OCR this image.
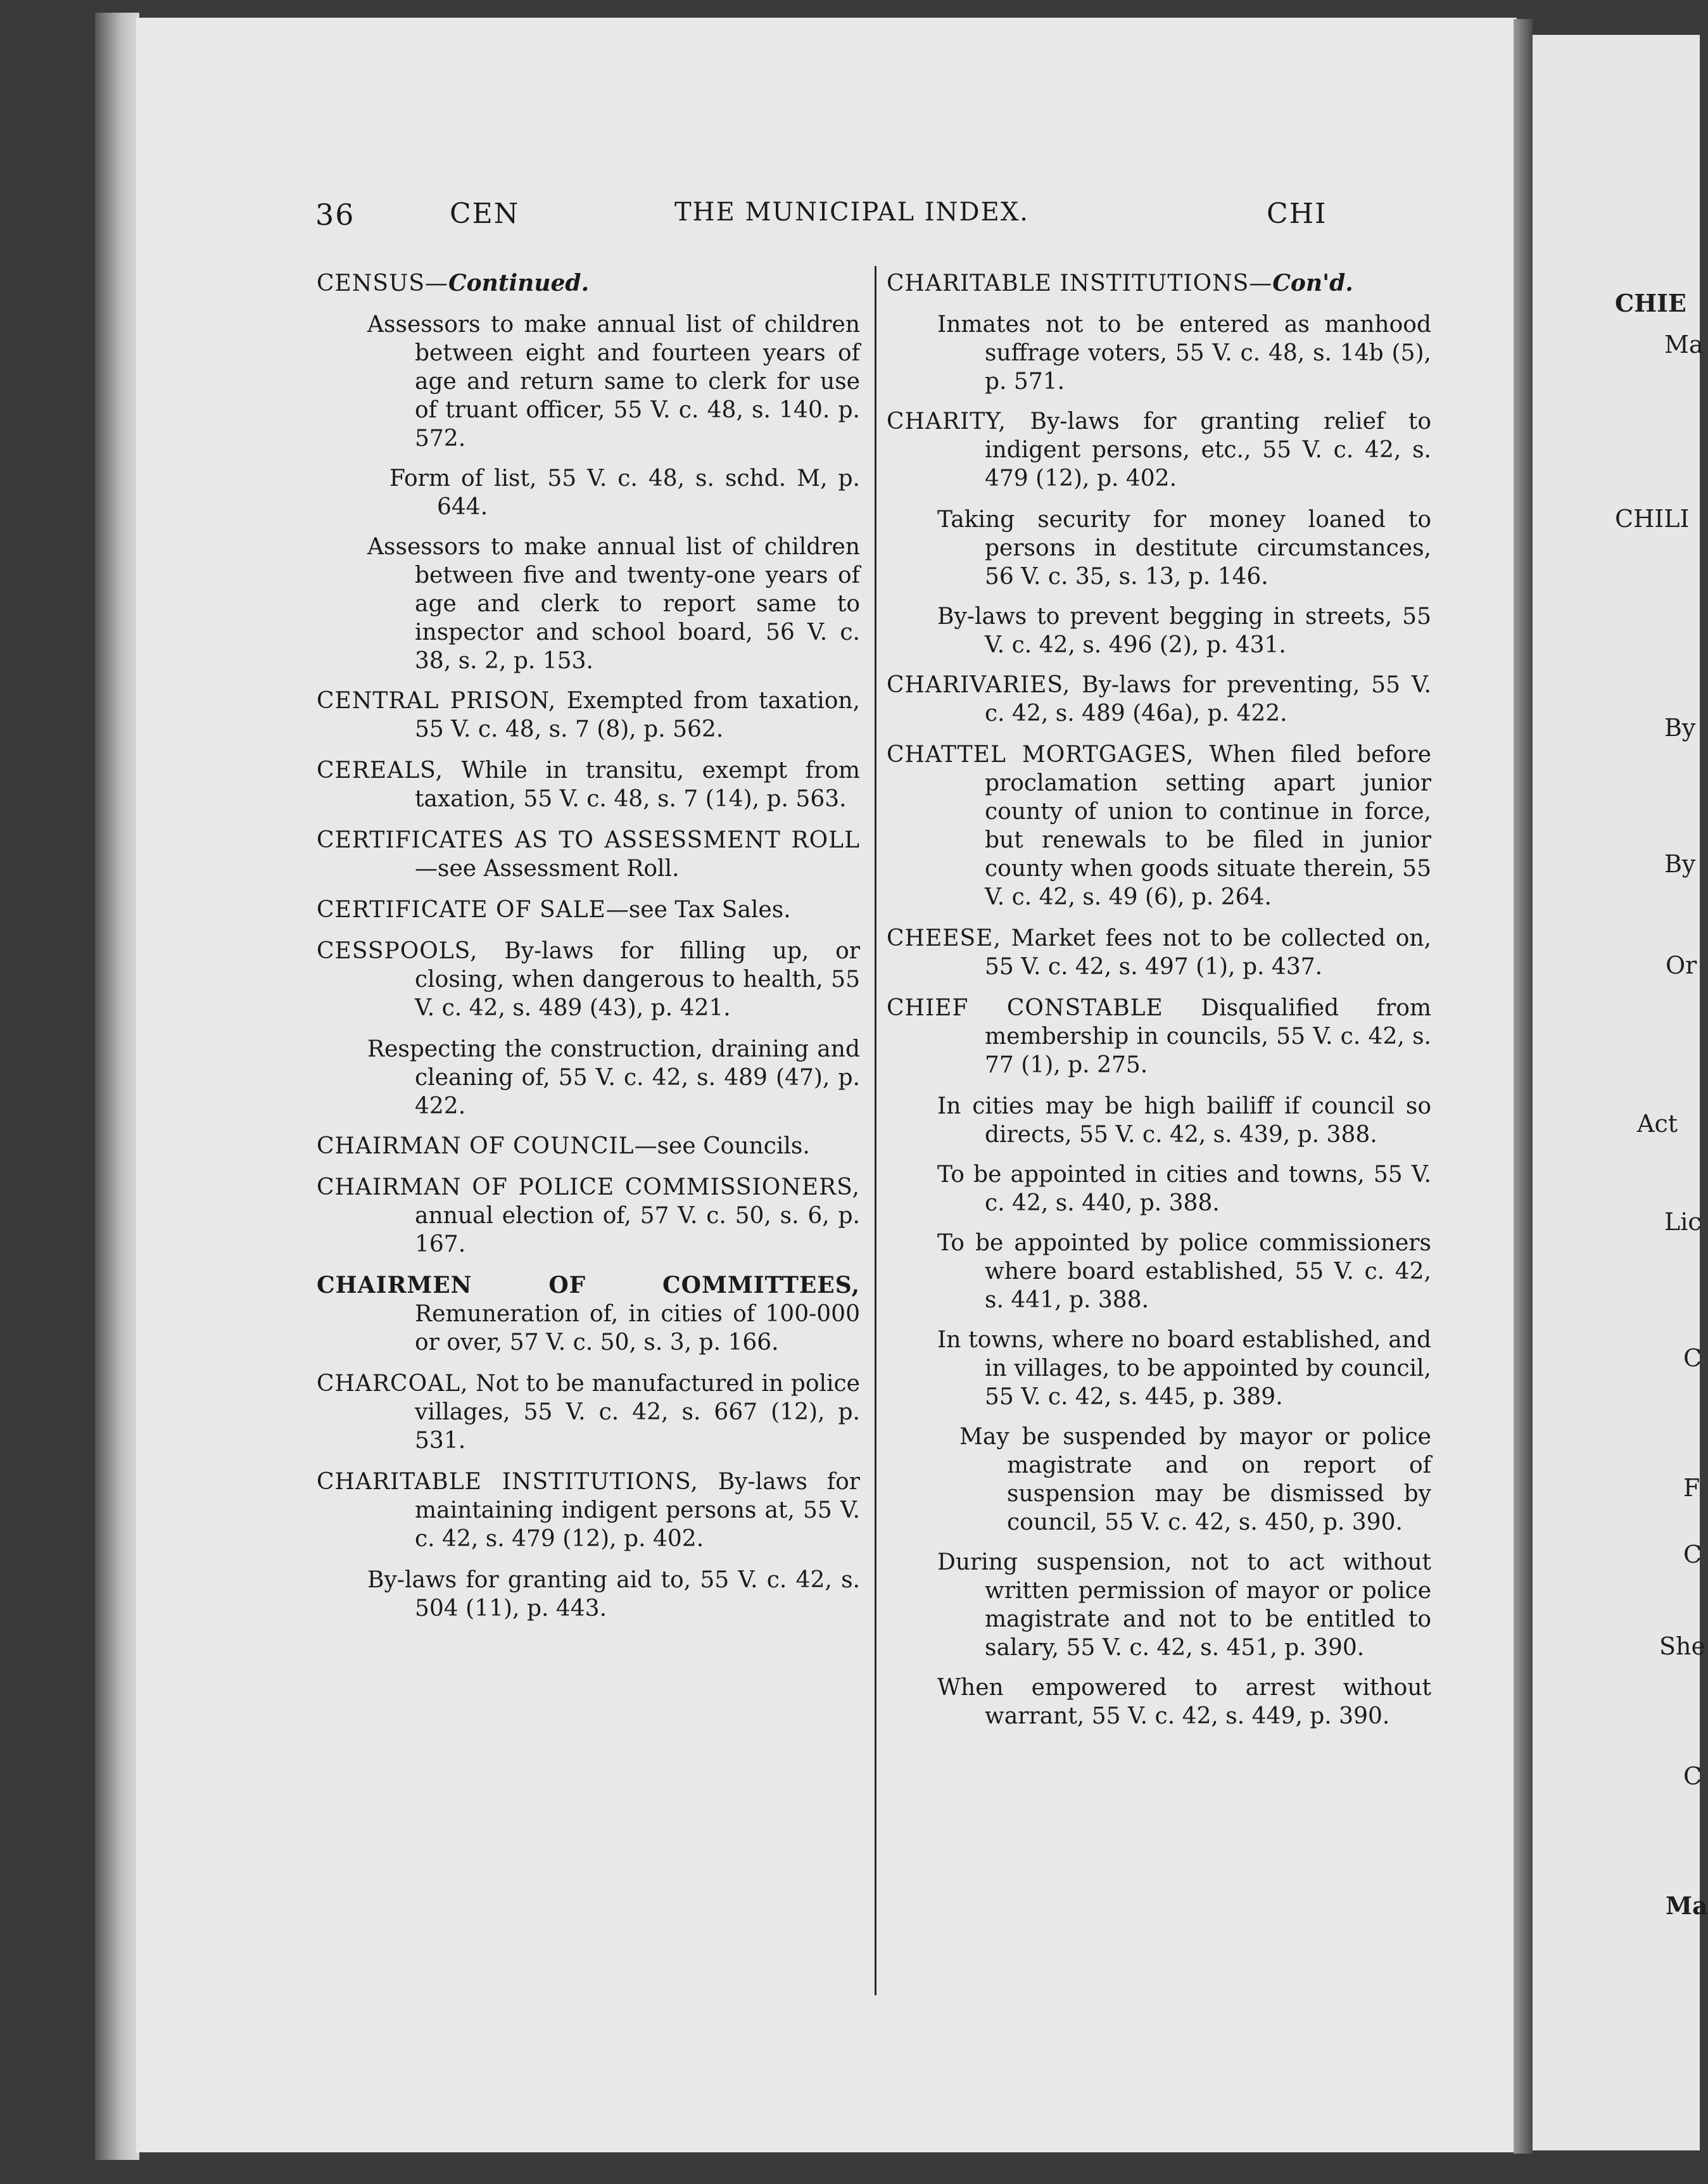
CHIE
Ma
CHILI
By
By
Or
Act
Lic
C
F
C
She
C
Ma
36	CEN	THE MUNICIPAL INDEX.	CHI
CENSUS—Continued.
Assessors to make annual list of children between eight and fourteen years of age and return same to clerk for use of truant officer, 55 V. c. 48, s. 140. p. 572.
Form of list, 55 V. c. 48, s. schd. M, p. 644.
Assessors to make annual list of children between five and twenty-one years of age and clerk to report same to inspector and school board, 56 V. c. 38, s. 2, p. 153.
CENTRAL PRISON, Exempted from taxation, 55 V. c. 48, s. 7 (8), p. 562.
CEREALS, While in transitu, exempt from taxation, 55 V. c. 48, s. 7 (14), p. 563.
CERTIFICATES AS TO ASSESSMENT ROLL—see Assessment Roll.
CERTIFICATE OF SALE—see Tax Sales.
CESSPOOLS, By-laws for filling up, or closing, when dangerous to health, 55 V. c. 42, s. 489 (43), p. 421.
Respecting the construction, draining and cleaning of, 55 V. c. 42, s. 489 (47), p. 422.
CHAIRMAN OF COUNCIL—see Councils.
CHAIRMAN OF POLICE COMMISSIONERS, annual election of, 57 V. c. 50, s. 6, p. 167.
CHAIRMEN OF COMMITTEES, Remuneration of, in cities of 100-000 or over, 57 V. c. 50, s. 3, p. 166.
CHARCOAL, Not to be manufactured in police villages, 55 V. c. 42, s. 667 (12), p. 531.
CHARITABLE INSTITUTIONS, By-laws for maintaining indigent persons at, 55 V. c. 42, s. 479 (12), p. 402.
By-laws for granting aid to, 55 V. c. 42, s. 504 (11), p. 443.
CHARITABLE INSTITUTIONS—Con'd.
Inmates not to be entered as manhood suffrage voters, 55 V. c. 48, s. 14b (5), p. 571.
CHARITY, By-laws for granting relief to indigent persons, etc., 55 V. c. 42, s. 479 (12), p. 402.
Taking security for money loaned to persons in destitute circumstances, 56 V. c. 35, s. 13, p. 146.
By-laws to prevent begging in streets, 55 V. c. 42, s. 496 (2), p. 431.
CHARIVARIES, By-laws for preventing, 55 V. c. 42, s. 489 (46a), p. 422.
CHATTEL MORTGAGES, When filed before proclamation setting apart junior county of union to continue in force, but renewals to be filed in junior county when goods situate therein, 55 V. c. 42, s. 49 (6), p. 264.
CHEESE, Market fees not to be collected on, 55 V. c. 42, s. 497 (1), p. 437.
CHIEF CONSTABLE Disqualified from membership in councils, 55 V. c. 42, s. 77 (1), p. 275.
In cities may be high bailiff if council so directs, 55 V. c. 42, s. 439, p. 388.
To be appointed in cities and towns, 55 V. c. 42, s. 440, p. 388.
To be appointed by police commissioners where board established, 55 V. c. 42, s. 441, p. 388.
In towns, where no board established, and in villages, to be appointed by council, 55 V. c. 42, s. 445, p. 389.
May be suspended by mayor or police magistrate and on report of suspension may be dismissed by council, 55 V. c. 42, s. 450, p. 390.
During suspension, not to act without written permission of mayor or police magistrate and not to be entitled to salary, 55 V. c. 42, s. 451, p. 390.
When empowered to arrest without warrant, 55 V. c. 42, s. 449, p. 390.
